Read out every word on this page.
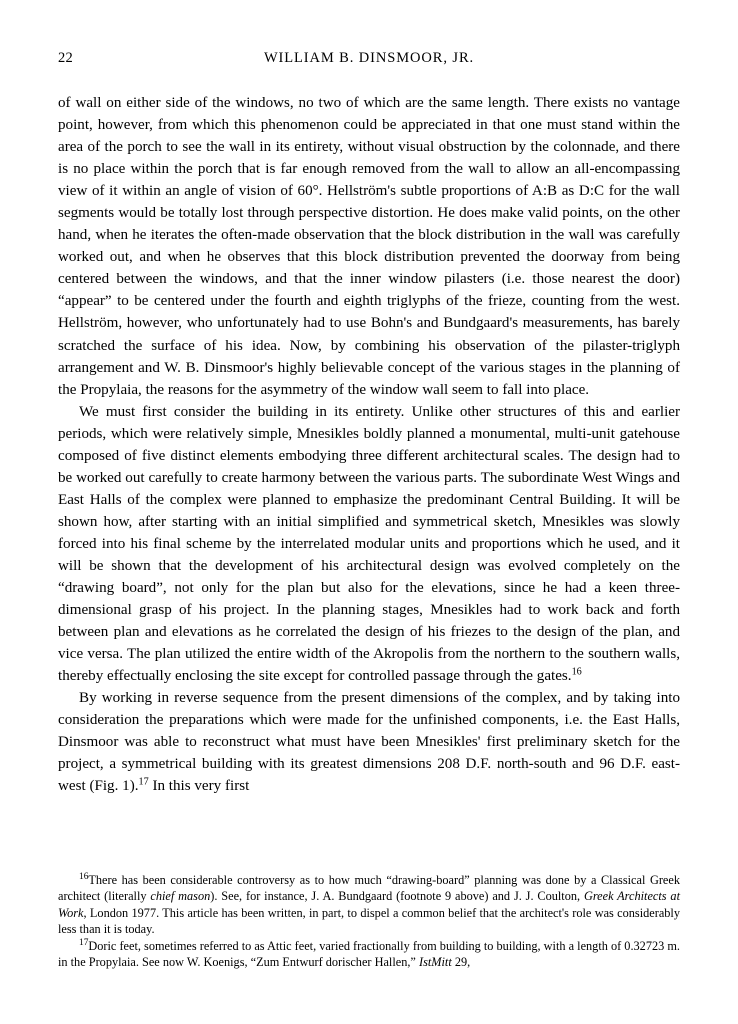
22	WILLIAM B. DINSMOOR, JR.

of wall on either side of the windows, no two of which are the same length. There exists no vantage point, however, from which this phenomenon could be appreciated in that one must stand within the area of the porch to see the wall in its entirety, without visual obstruction by the colonnade, and there is no place within the porch that is far enough removed from the wall to allow an all-encompassing view of it within an angle of vision of 60°. Hellström's subtle proportions of A:B as D:C for the wall segments would be totally lost through perspective distortion. He does make valid points, on the other hand, when he iterates the often-made observation that the block distribution in the wall was carefully worked out, and when he observes that this block distribution prevented the doorway from being centered between the windows, and that the inner window pilasters (i.e. those nearest the door) “appear” to be centered under the fourth and eighth triglyphs of the frieze, counting from the west. Hellström, however, who unfortunately had to use Bohn's and Bundgaard's measurements, has barely scratched the surface of his idea. Now, by combining his observation of the pilaster-triglyph arrangement and W. B. Dinsmoor's highly believable concept of the various stages in the planning of the Propylaia, the reasons for the asymmetry of the window wall seem to fall into place.

We must first consider the building in its entirety. Unlike other structures of this and earlier periods, which were relatively simple, Mnesikles boldly planned a monumental, multi-unit gatehouse composed of five distinct elements embodying three different architectural scales. The design had to be worked out carefully to create harmony between the various parts. The subordinate West Wings and East Halls of the complex were planned to emphasize the predominant Central Building. It will be shown how, after starting with an initial simplified and symmetrical sketch, Mnesikles was slowly forced into his final scheme by the interrelated modular units and proportions which he used, and it will be shown that the development of his architectural design was evolved completely on the “drawing board”, not only for the plan but also for the elevations, since he had a keen three-dimensional grasp of his project. In the planning stages, Mnesikles had to work back and forth between plan and elevations as he correlated the design of his friezes to the design of the plan, and vice versa. The plan utilized the entire width of the Akropolis from the northern to the southern walls, thereby effectually enclosing the site except for controlled passage through the gates.$^{16}$

By working in reverse sequence from the present dimensions of the complex, and by taking into consideration the preparations which were made for the unfinished components, i.e. the East Halls, Dinsmoor was able to reconstruct what must have been Mnesikles' first preliminary sketch for the project, a symmetrical building with its greatest dimensions 208 D.F. north-south and 96 D.F. east-west (Fig. 1).$^{17}$ In this very first

$^{16}$There has been considerable controversy as to how much “drawing-board” planning was done by a Classical Greek architect (literally chief mason). See, for instance, J. A. Bundgaard (footnote 9 above) and J. J. Coulton, Greek Architects at Work, London 1977. This article has been written, in part, to dispel a common belief that the architect's role was considerably less than it is today.

$^{17}$Doric feet, sometimes referred to as Attic feet, varied fractionally from building to building, with a length of 0.32723 m. in the Propylaia. See now W. Koenigs, “Zum Entwurf dorischer Hallen,” IstMitt 29,
